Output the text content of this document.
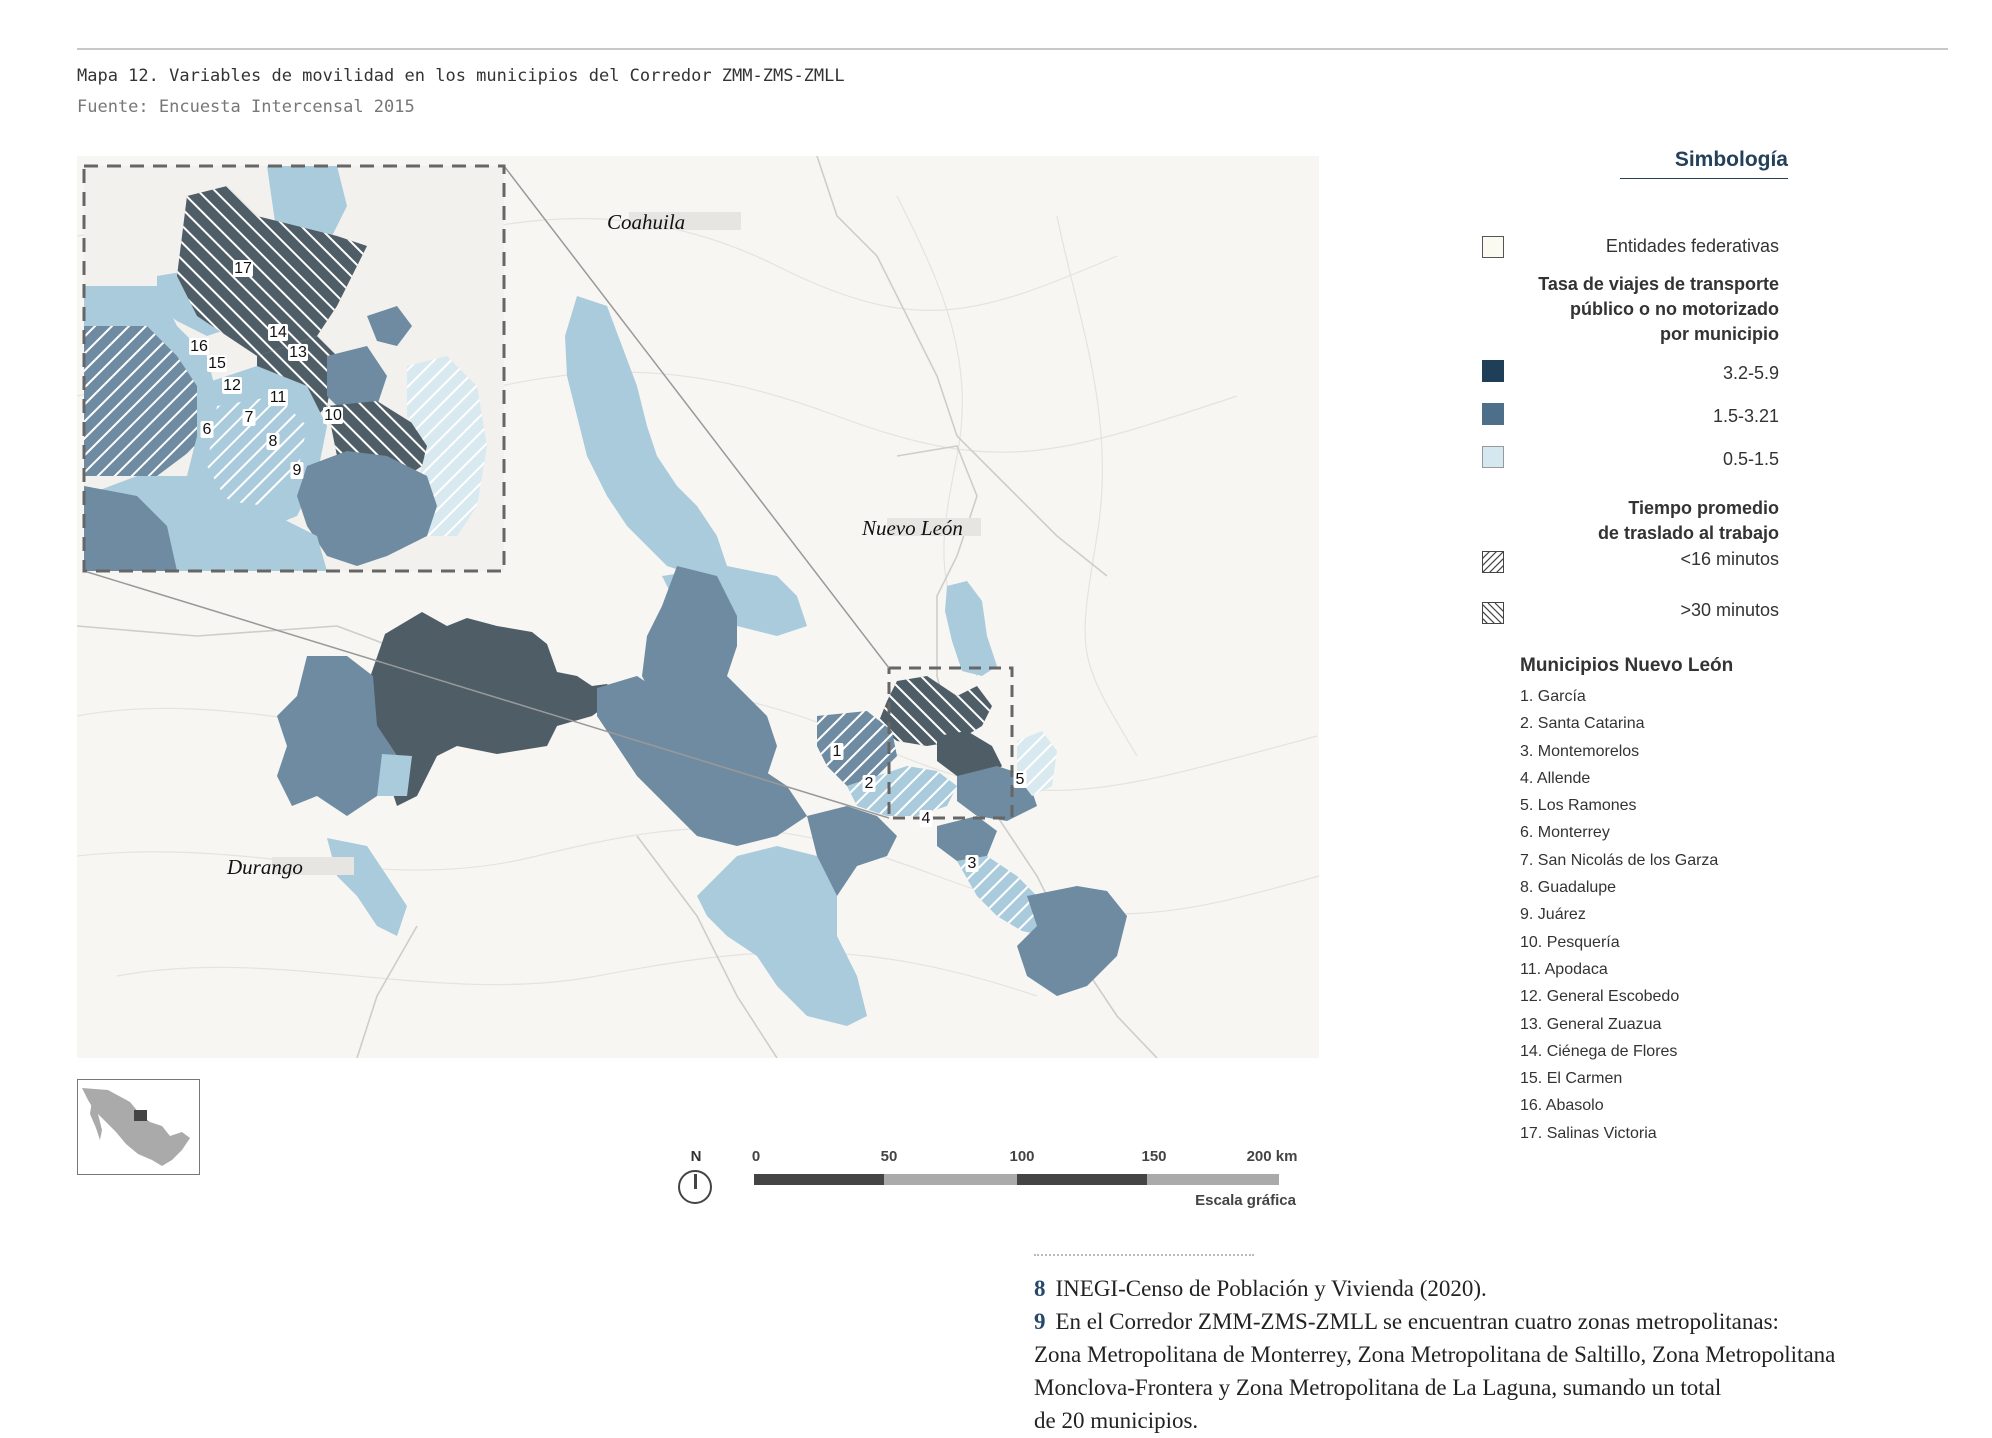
Mapa 12. Variables de movilidad en los municipios del Corredor ZMM-ZMS-ZMLL
Fuente: Encuesta Intercensal 2015
Coahuila
Nuevo León
Durango
17
16
14
15
13
12
11
7	10
6
8
9
1
2
4
5
3
N	0	50	100	150	200 km
Escala gráfica
Simbología
Entidades federativas
Tasa de viajes de transporte
público o no motorizado
por municipio
3.2-5.9
1.5-3.21
0.5-1.5
Tiempo promedio
de traslado al trabajo
<16 minutos
>30 minutos
Municipios Nuevo León
1. García
2. Santa Catarina
3. Montemorelos
4. Allende
5. Los Ramones
6. Monterrey
7. San Nicolás de los Garza
8. Guadalupe
9. Juárez
10. Pesquería
11. Apodaca
12. General Escobedo
13. General Zuazua
14. Ciénega de Flores
15. El Carmen
16. Abasolo
17. Salinas Victoria
8 INEGI-Censo de Población y Vivienda (2020).
9 En el Corredor ZMM-ZMS-ZMLL se encuentran cuatro zonas metropolitanas:
Zona Metropolitana de Monterrey, Zona Metropolitana de Saltillo, Zona Metropolitana
Monclova-Frontera y Zona Metropolitana de La Laguna, sumando un total
de 20 municipios.
